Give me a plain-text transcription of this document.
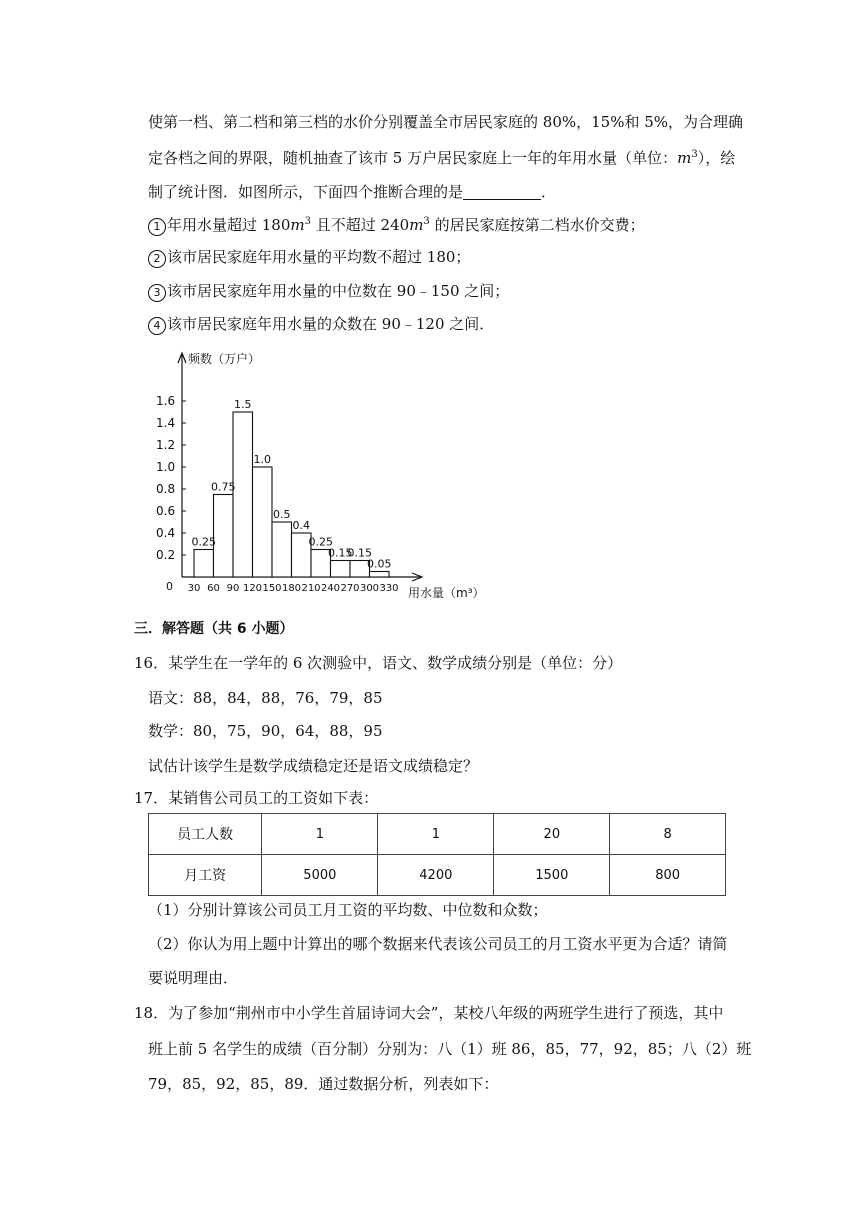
使第一档、第二档和第三档的水价分别覆盖全市居民家庭的 80%，15%和 5%，为合理确
定各档之间的界限，随机抽查了该市 5 万户居民家庭上一年的年用水量（单位：$m^3$），绘
制了统计图．如图所示，下面四个推断合理的是	．
1 年用水量超过 $180m^3$ 且不超过 $240m^3$ 的居民家庭按第二档水价交费；
2 该市居民家庭年用水量的平均数不超过 180；
3 该市居民家庭年用水量的中位数在 90﹣150 之间；
4 该市居民家庭年用水量的众数在 90﹣120 之间．
频数（万户）
用水量（m³）
0
0.2
0.4
0.6
0.8
1.0
1.2
1.4
1.6
30 60 90 120 150 180 210 240 270 300 330
0.25
0.75
1.5
1.0
0.5
0.4
0.25
0.15
0.15
0.05
三．解答题（共 6 小题）
16．某学生在一学年的 6 次测验中，语文、数学成绩分别是（单位：分）
语文：88，84，88，76，79，85
数学：80，75，90，64，88，95
试估计该学生是数学成绩稳定还是语文成绩稳定？
17．某销售公司员工的工资如下表：
员工人数	1	1	20	8
月工资	5000	4200	1500	800
（1）分别计算该公司员工月工资的平均数、中位数和众数；
（2）你认为用上题中计算出的哪个数据来代表该公司员工的月工资水平更为合适？请简
要说明理由．
18．为了参加“荆州市中小学生首届诗词大会”，某校八年级的两班学生进行了预选，其中
班上前 5 名学生的成绩（百分制）分别为：八（1）班 86，85，77，92，85；八（2）班
79，85，92，85，89．通过数据分析，列表如下：
